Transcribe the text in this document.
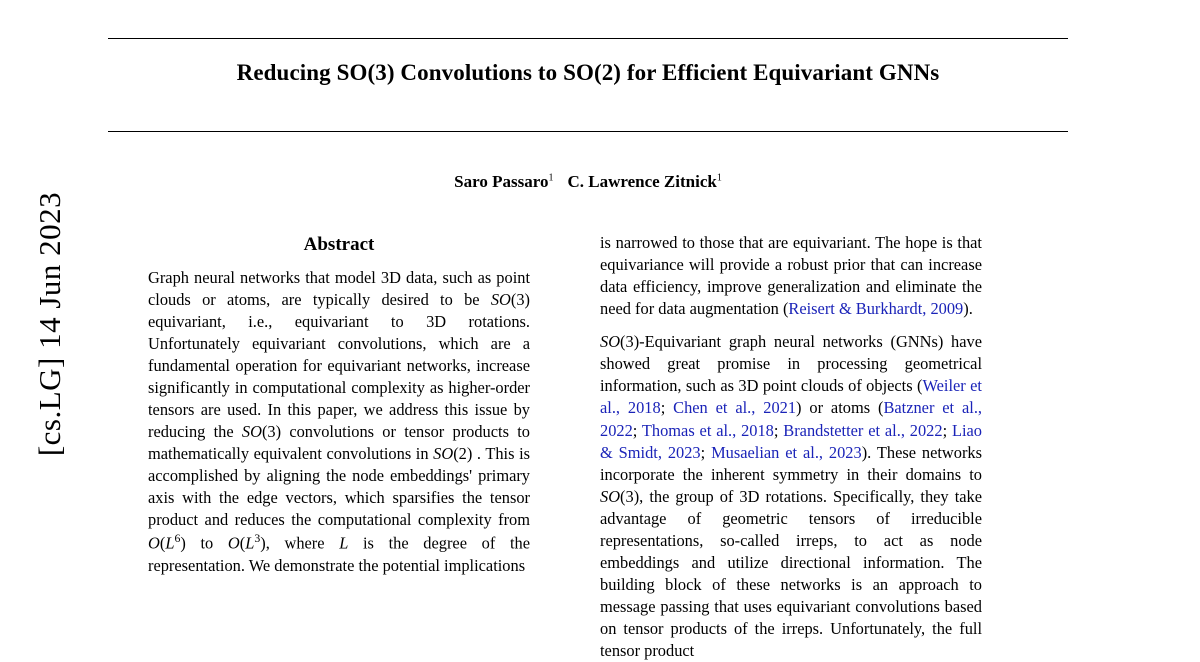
[cs.LG] 14 Jun 2023
Reducing SO(3) Convolutions to SO(2) for Efficient Equivariant GNNs
Saro Passaro$^1$ C. Lawrence Zitnick$^1$
Abstract
Graph neural networks that model 3D data, such as point clouds or atoms, are typically desired to be SO(3) equivariant, i.e., equivariant to 3D rotations. Unfortunately equivariant convolutions, which are a fundamental operation for equivariant networks, increase significantly in computational complexity as higher-order tensors are used. In this paper, we address this issue by reducing the SO(3) convolutions or tensor products to mathematically equivalent convolutions in SO(2) . This is accomplished by aligning the node embeddings' primary axis with the edge vectors, which sparsifies the tensor product and reduces the computational complexity from $O(L^6)$ to $O(L^3)$, where L is the degree of the representation. We demonstrate the potential implications
is narrowed to those that are equivariant. The hope is that equivariance will provide a robust prior that can increase data efficiency, improve generalization and eliminate the need for data augmentation (Reisert & Burkhardt, 2009).
SO(3)-Equivariant graph neural networks (GNNs) have showed great promise in processing geometrical information, such as 3D point clouds of objects (Weiler et al., 2018; Chen et al., 2021) or atoms (Batzner et al., 2022; Thomas et al., 2018; Brandstetter et al., 2022; Liao & Smidt, 2023; Musaelian et al., 2023). These networks incorporate the inherent symmetry in their domains to SO(3), the group of 3D rotations. Specifically, they take advantage of geometric tensors of irreducible representations, so-called irreps, to act as node embeddings and utilize directional information. The building block of these networks is an approach to message passing that uses equivariant convolutions based on tensor products of the irreps. Unfortunately, the full tensor product
